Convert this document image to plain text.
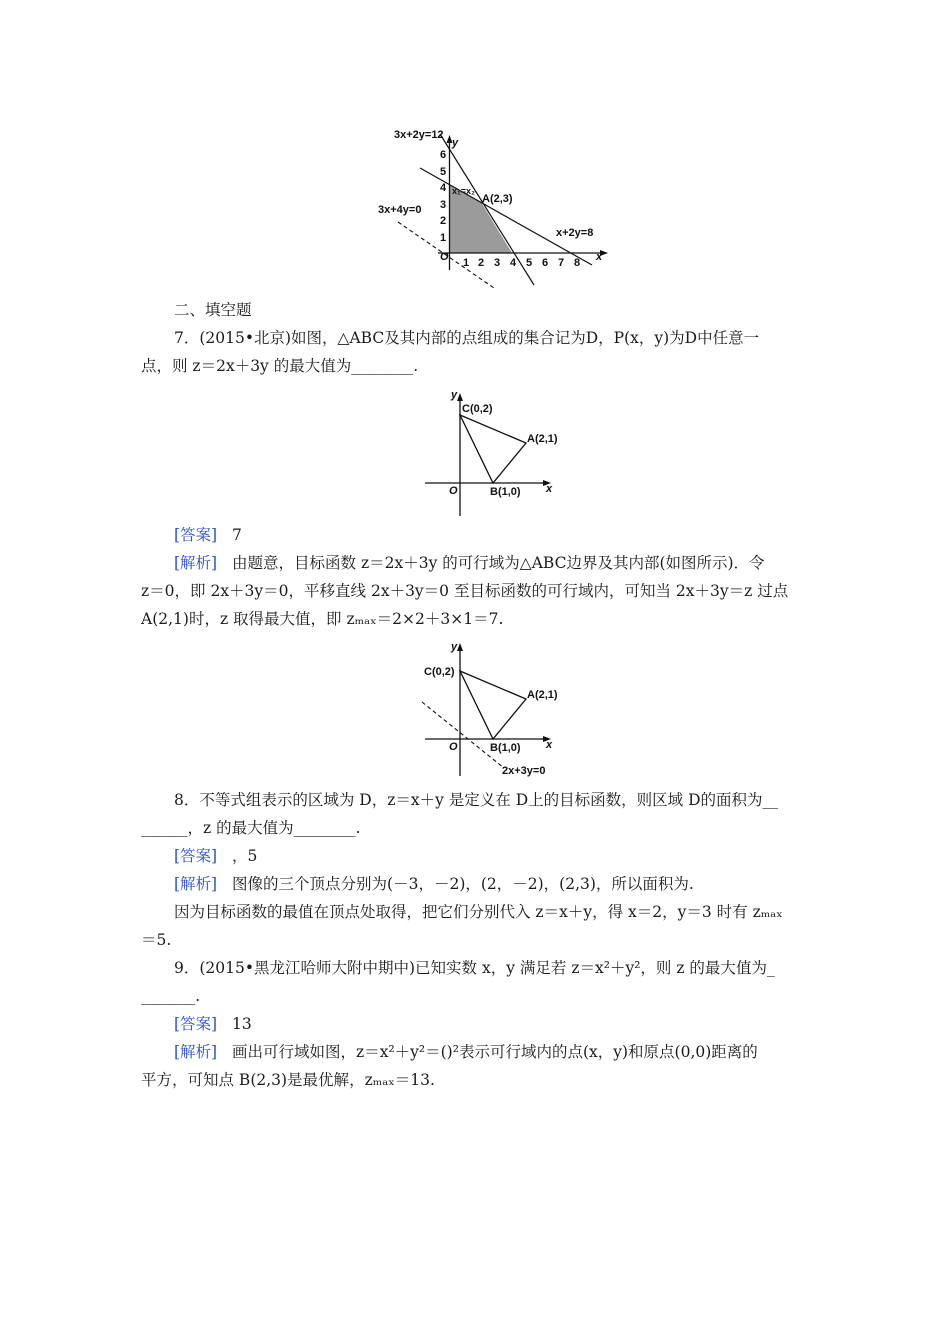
1 2 3 4 5 6 7 8
1
2
3
4
5
6
O
y
x
3x+2y=12
x+2y=8
3x+4y=0
A(2,3)
x₁=x₂
二、填空题
7．(2015•北京)如图，△ABC及其内部的点组成的集合记为D，P(x，y)为D中任意一
点，则 z＝2x＋3y 的最大值为________.
y
x
O
C(0,2)
A(2,1)
B(1,0)
[答案] 7
[解析] 由题意，目标函数 z＝2x＋3y 的可行域为△ABC边界及其内部(如图所示)．令
z＝0，即 2x＋3y＝0，平移直线 2x＋3y＝0 至目标函数的可行域内，可知当 2x＋3y＝z 过点
A(2,1)时，z 取得最大值，即 zₘₐₓ＝2×2＋3×1＝7.
y
x
O
C(0,2)
A(2,1)
B(1,0)
2x+3y=0
8．不等式组表示的区域为 D，z＝x＋y 是定义在 D上的目标函数，则区域 D的面积为__
______，z 的最大值为________.
[答案] ，5
[解析] 图像的三个顶点分别为(－3，－2)，(2，－2)，(2,3)，所以面积为.
因为目标函数的最值在顶点处取得，把它们分别代入 z＝x＋y，得 x＝2，y＝3 时有 zₘₐₓ
＝5.
9．(2015•黑龙江哈师大附中期中)已知实数 x，y 满足若 z＝x²＋y²，则 z 的最大值为_
_______.
[答案] 13
[解析] 画出可行域如图，z＝x²＋y²＝()²表示可行域内的点(x，y)和原点(0,0)距离的
平方，可知点 B(2,3)是最优解，zₘₐₓ＝13.
